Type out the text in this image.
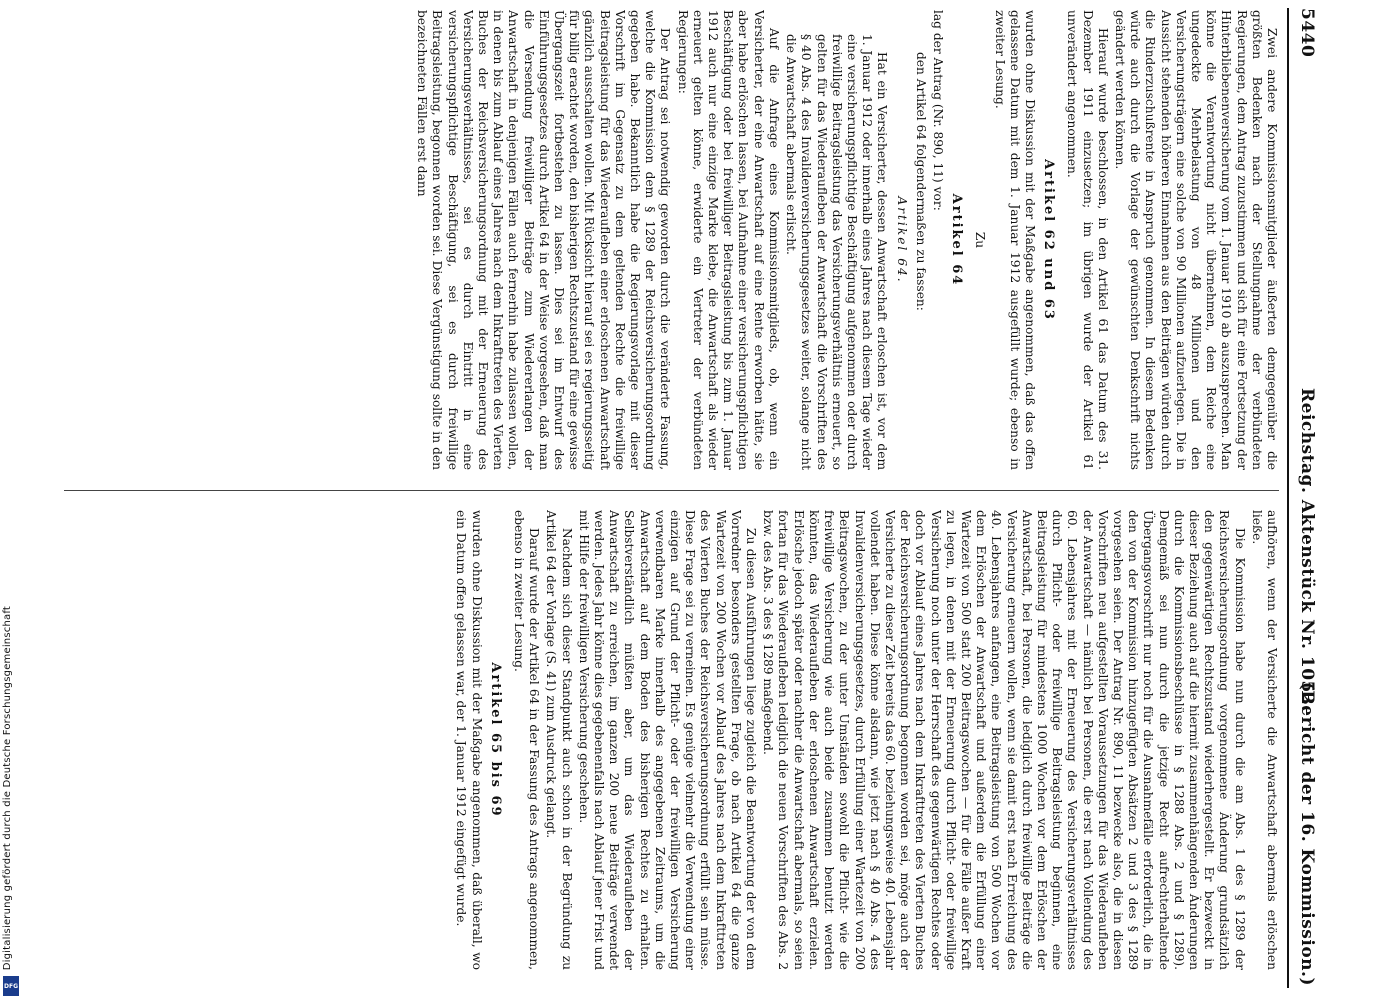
Digitalisierung gefördert durch die Deutsche Forschungsgemeinschaft
DFG
5440
Reichstag. Aktenstück Nr. 1052.
(Bericht der 16. Kommission.)

Zwei andere Kommissionsmitglieder äußerten demgegenüber die größten Bedenken nach der Stellungnahme der verbündeten Regierungen, dem Antrag zuzustimmen und sich für eine Fortsetzung der Hinterbliebenenversicherung vom 1. Januar 1910 ab auszusprechen. Man könne die Verantwortung nicht übernehmen, dem Reiche eine ungedeckte Mehrbelastung von 48 Millionen und den Versicherungsträgern eine solche von 90 Millionen aufzuerlegen. Die in Aussicht stehenden höheren Einnahmen aus den Beiträgen würden durch die Rinderzuschußrente in Anspruch genommen. In diesem Bedenken würde auch durch die Vorlage der gewünschten Denkschrift nichts geändert werden können.

Hierauf wurde beschlossen, in den Artikel 61 das Datum des 31. Dezember 1911 einzusetzen; im übrigen wurde der Artikel 61 unverändert angenommen.

Artikel 62 und 63

wurden ohne Diskussion mit der Maßgabe angenommen, daß das offen gelassene Datum mit dem 1. Januar 1912 ausgefüllt wurde; ebenso in zweiter Lesung.

Zu
Artikel 64

lag der Antrag (Nr. 890, 11) vor:

den Artikel 64 folgendermaßen zu fassen:

Artikel 64.

Hat ein Versicherter, dessen Anwartschaft erloschen ist, vor dem 1. Januar 1912 oder innerhalb eines Jahres nach diesem Tage wieder eine versicherungspflichtige Beschäftigung aufgenommen oder durch freiwillige Beitragsleistung das Versicherungsverhältnis erneuert, so gelten für das Wiederaufleben der Anwartschaft die Vorschriften des § 40 Abs. 4 des Invalidenversicherungsgesetzes weiter, solange nicht die Anwartschaft abermals erlischt.

Auf die Anfrage eines Kommissionsmitglieds, ob, wenn ein Versicherter, der eine Anwartschaft auf eine Rente erworben hätte, sie aber habe erlöschen lassen, bei Aufnahme einer versicherungspflichtigen Beschäftigung oder bei freiwilliger Beitragsleistung bis zum 1. Januar 1912 auch nur eine einzige Marke klebe, die Anwartschaft als wieder erneuert gelten könne, erwiderte ein Vertreter der verbündeten Regierungen:

Der Antrag sei notwendig geworden durch die veränderte Fassung, welche die Kommission dem § 1289 der Reichsversicherungsordnung gegeben habe. Bekanntlich habe die Regierungsvorlage mit dieser Vorschrift im Gegensatz zu dem geltenden Rechte die freiwillige Beitragsleistung für das Wiederaufleben einer erloschenen Anwartschaft gänzlich ausschalten wollen. Mit Rücksicht hierauf sei es regierungsseitig für billig erachtet worden, den bisherigen Rechtszustand für eine gewisse Übergangszeit fortbestehen zu lassen. Dies sei im Entwurf des Einführungsgesetzes durch Artikel 64 in der Weise vorgesehen, daß man die Versendung freiwilliger Beiträge zum Wiedererlangen der Anwartschaft in denjenigen Fällen auch fernerhin habe zulassen wollen, in denen bis zum Ablauf eines Jahres nach dem Inkrafttreten des Vierten Buches der Reichsversicherungsordnung mit der Erneuerung des Versicherungsverhältnisses, sei es durch Eintritt in eine versicherungspflichtige Beschäftigung, sei es durch freiwillige Beitragsleistung, begonnen worden sei. Diese Vergünstigung sollte in den bezeichneten Fällen erst dann

aufhören, wenn der Versicherte die Anwartschaft abermals erlöschen ließe.

Die Kommission habe nun durch die am Abs. 1 des § 1289 der Reichsversicherungsordnung vorgenommene Änderung grundsätzlich den gegenwärtigen Rechtszustand wiederhergestellt. Er bezweckt in dieser Beziehung auch auf die hiermit zusammenhängenden Änderungen durch die Kommissionsbeschlüsse in § 1288 Abs. 2 und § 1289). Demgemäß sei nun durch die jetzige Recht aufrechterhaltende Übergangsvorschrift nur noch für die Ausnahmefälle erforderlich, die in den von der Kommission hinzugefügten Absätzen 2 und 3 des § 1289 vorgesehen seien. Der Antrag Nr. 890, 11 bezwecke also, die in diesen Vorschriften neu aufgestellten Voraussetzungen für das Wiederaufleben der Anwartschaft — nämlich bei Personen, die erst nach Vollendung des 60. Lebensjahres mit der Erneuerung des Versicherungsverhältnisses durch Pflicht- oder freiwillige Beitragsleistung beginnen, eine Beitragsleistung für mindestens 1000 Wochen vor dem Erlöschen der Anwartschaft, bei Personen, die lediglich durch freiwillige Beiträge die Versicherung erneuern wollen, wenn sie damit erst nach Erreichung des 40. Lebensjahres anfangen, eine Beitragsleistung von 500 Wochen vor dem Erlöschen der Anwartschaft und außerdem die Erfüllung einer Wartezeit von 500 statt 200 Beitragswochen — für die Fälle außer Kraft zu legen, in denen mit der Erneuerung durch Pflicht- oder freiwillige Versicherung noch unter der Herrschaft des gegenwärtigen Rechtes oder doch vor Ablauf eines Jahres nach dem Inkrafttreten des Vierten Buches der Reichsversicherungsordnung begonnen worden sei, möge auch der Versicherte zu dieser Zeit bereits das 60. beziehungsweise 40. Lebensjahr vollendet haben. Diese könne alsdann, wie jetzt nach § 40 Abs. 4 des Invalidenversicherungsgesetzes, durch Erfüllung einer Wartezeit von 200 Beitragswochen, zu der unter Umständen sowohl die Pflicht- wie die freiwillige Versicherung wie auch beide zusammen benutzt werden könnten, das Wiederaufleben der erloschenen Anwartschaft erzielen. Erlösche jedoch später oder nachher die Anwartschaft abermals, so seien fortan für das Wiederaufleben lediglich die neuen Vorschriften des Abs. 2 bzw. des Abs. 3 des § 1289 maßgebend.

Zu diesen Ausführungen liege zugleich die Beantwortung der von dem Vorredner besonders gestellten Frage, ob nach Artikel 64 die ganze Wartezeit von 200 Wochen vor Ablauf des Jahres nach dem Inkrafttreten des Vierten Buches der Reichsversicherungsordnung erfüllt sein müsse. Diese Frage sei zu verneinen. Es genüge vielmehr die Verwendung einer einzigen auf Grund der Pflicht- oder der freiwilligen Versicherung verwendbaren Marke innerhalb des angegebenen Zeitraums, um die Anwartschaft auf dem Boden des bisherigen Rechtes zu erhalten. Selbstverständlich müßten aber, um das Wiederaufleben der Anwartschaft zu erreichen, im ganzen 200 neue Beiträge verwendet werden. Jedes Jahr könne dies gegebenenfalls nach Ablauf jener Frist und mit Hilfe der freiwilligen Versicherung geschehen.

Nachdem sich dieser Standpunkt auch schon in der Begründung zu Artikel 64 der Vorlage (S. 41) zum Ausdruck gelangt.

Darauf wurde der Artikel 64 in der Fassung des Antrags angenommen, ebenso in zweiter Lesung.

Artikel 65 bis 69

wurden ohne Diskussion mit der Maßgabe angenommen, daß überall, wo ein Datum offen gelassen war, der 1. Januar 1912 eingefügt wurde.
